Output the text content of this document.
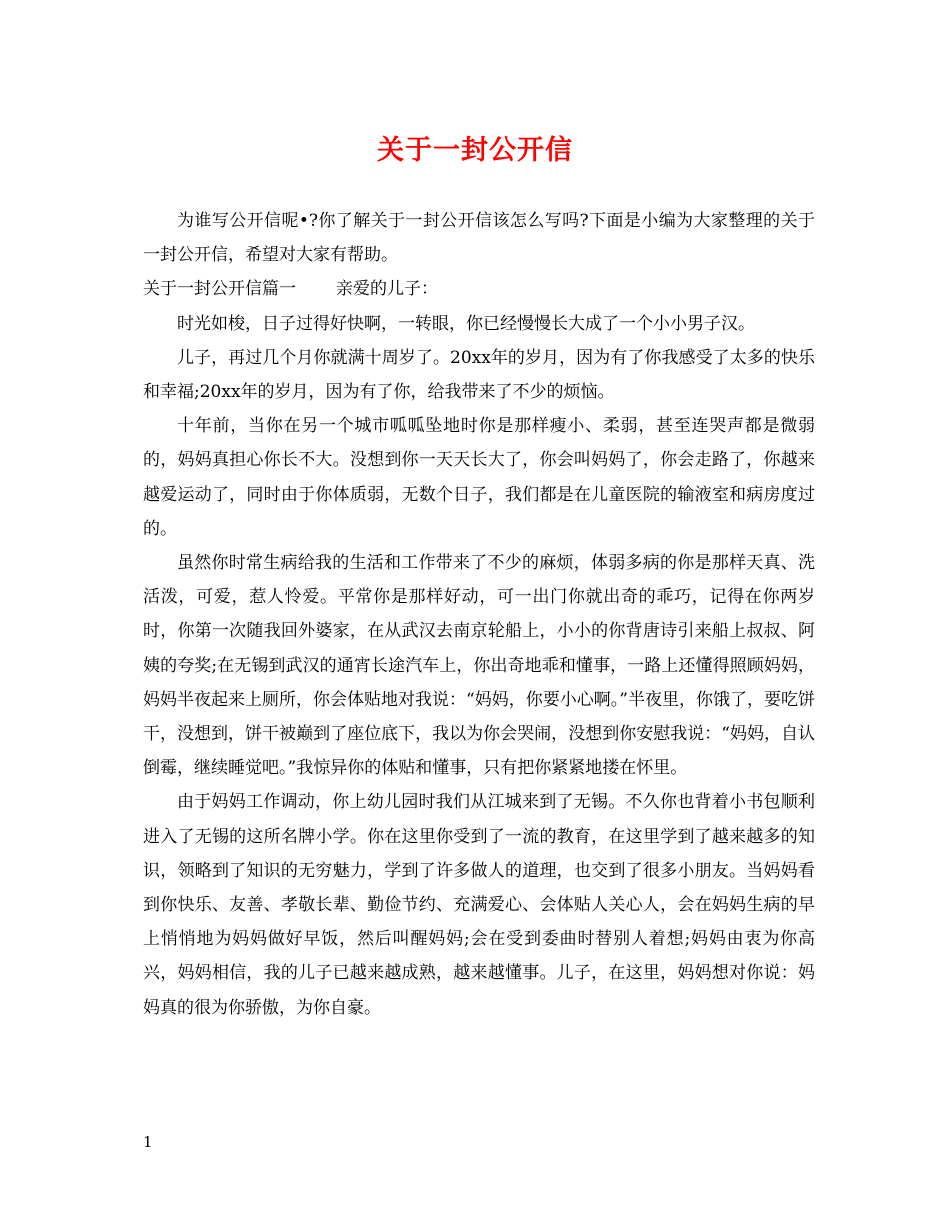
关于一封公开信

为谁写公开信呢•?你了解关于一封公开信该怎么写吗?下面是小编为大家整理的关于一封公开信，希望对大家有帮助。

关于一封公开信篇一 亲爱的儿子：

时光如梭，日子过得好快啊，一转眼，你已经慢慢长大成了一个小小男子汉。

儿子，再过几个月你就满十周岁了。20xx年的岁月，因为有了你我感受了太多的快乐和幸福;20xx年的岁月，因为有了你，给我带来了不少的烦恼。

十年前，当你在另一个城市呱呱坠地时你是那样瘦小、柔弱，甚至连哭声都是微弱的，妈妈真担心你长不大。没想到你一天天长大了，你会叫妈妈了，你会走路了，你越来越爱运动了，同时由于你体质弱，无数个日子，我们都是在儿童医院的输液室和病房度过的。

虽然你时常生病给我的生活和工作带来了不少的麻烦，体弱多病的你是那样天真、洗活泼，可爱，惹人怜爱。平常你是那样好动，可一出门你就出奇的乖巧，记得在你两岁时，你第一次随我回外婆家，在从武汉去南京轮船上，小小的你背唐诗引来船上叔叔、阿姨的夸奖;在无锡到武汉的通宵长途汽车上，你出奇地乖和懂事，一路上还懂得照顾妈妈，妈妈半夜起来上厕所，你会体贴地对我说：“妈妈，你要小心啊。”半夜里，你饿了，要吃饼干，没想到，饼干被巅到了座位底下，我以为你会哭闹，没想到你安慰我说：“妈妈，自认倒霉，继续睡觉吧。”我惊异你的体贴和懂事，只有把你紧紧地搂在怀里。

由于妈妈工作调动，你上幼儿园时我们从江城来到了无锡。不久你也背着小书包顺利进入了无锡的这所名牌小学。你在这里你受到了一流的教育，在这里学到了越来越多的知识，领略到了知识的无穷魅力，学到了许多做人的道理，也交到了很多小朋友。当妈妈看到你快乐、友善、孝敬长辈、勤俭节约、充满爱心、会体贴人关心人，会在妈妈生病的早上悄悄地为妈妈做好早饭，然后叫醒妈妈;会在受到委曲时替别人着想;妈妈由衷为你高兴，妈妈相信，我的儿子已越来越成熟，越来越懂事。儿子，在这里，妈妈想对你说：妈妈真的很为你骄傲，为你自豪。

1
